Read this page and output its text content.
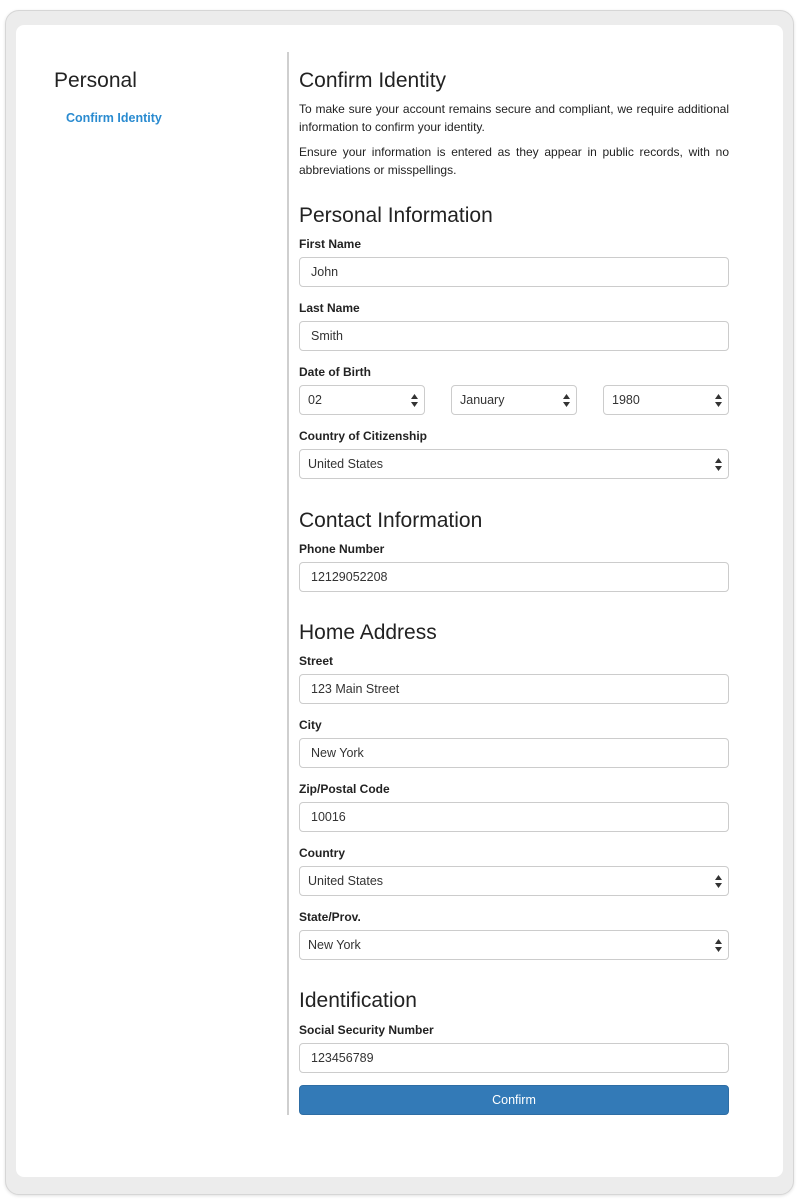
Personal
Confirm Identity
Confirm Identity
To make sure your account remains secure and compliant, we require additional information to confirm your identity.
Ensure your information is entered as they appear in public records, with no abbreviations or misspellings.
Personal Information
First Name
John
Last Name
Smith
Date of Birth
02	January	1980
Country of Citizenship
United States
Contact Information
Phone Number
12129052208
Home Address
Street
123 Main Street
City
New York
Zip/Postal Code
10016
Country
United States
State/Prov.
New York
Identification
Social Security Number
123456789
Confirm
